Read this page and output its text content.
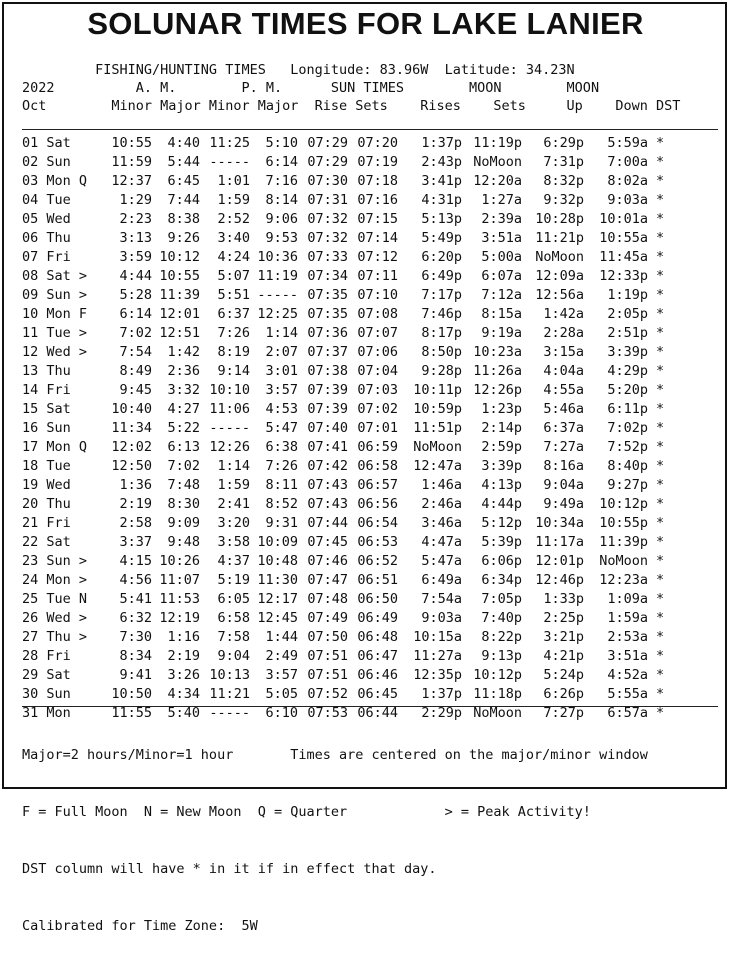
SOLUNAR TIMES FOR LAKE LANIER
FISHING/HUNTING TIMES   Longitude: 83.96W  Latitude: 34.23N
2022          A. M.        P. M.      SUN TIMES        MOON        MOON
Oct        Minor Major Minor Major  Rise Sets    Rises    Sets     Up    Down DST
01 Sat	10:55	4:40 11:25	5:10 07:29 07:20	1:37p 11:19p	6:29p	5:59a *
02 Sun	11:59	5:44 -----	6:14 07:29 07:19	2:43p NoMoon	7:31p	7:00a *
03 Mon Q	12:37	6:45	1:01	7:16 07:30 07:18	3:41p 12:20a	8:32p	8:02a *
04 Tue	1:29	7:44	1:59	8:14 07:31 07:16	4:31p	1:27a	9:32p	9:03a *
05 Wed	2:23	8:38	2:52	9:06 07:32 07:15	5:13p	2:39a 10:28p	10:01a *
06 Thu	3:13	9:26	3:40	9:53 07:32 07:14	5:49p	3:51a 11:21p	10:55a *
07 Fri	3:59 10:12	4:24 10:36 07:33 07:12	6:20p	5:00a NoMoon	11:45a *
08 Sat >	4:44 10:55	5:07 11:19 07:34 07:11	6:49p	6:07a 12:09a	12:33p *
09 Sun >	5:28 11:39	5:51 ----- 07:35 07:10	7:17p	7:12a 12:56a	1:19p *
10 Mon F	6:14 12:01	6:37 12:25 07:35 07:08	7:46p	8:15a	1:42a	2:05p *
11 Tue >	7:02 12:51	7:26	1:14 07:36 07:07	8:17p	9:19a	2:28a	2:51p *
12 Wed >	7:54	1:42	8:19	2:07 07:37 07:06	8:50p 10:23a	3:15a	3:39p *
13 Thu	8:49	2:36	9:14	3:01 07:38 07:04	9:28p 11:26a	4:04a	4:29p *
14 Fri	9:45	3:32 10:10	3:57 07:39 07:03	10:11p 12:26p	4:55a	5:20p *
15 Sat	10:40	4:27 11:06	4:53 07:39 07:02	10:59p	1:23p	5:46a	6:11p *
16 Sun	11:34	5:22 -----	5:47 07:40 07:01	11:51p	2:14p	6:37a	7:02p *
17 Mon Q	12:02	6:13 12:26	6:38 07:41 06:59	NoMoon	2:59p	7:27a	7:52p *
18 Tue	12:50	7:02	1:14	7:26 07:42 06:58	12:47a	3:39p	8:16a	8:40p *
19 Wed	1:36	7:48	1:59	8:11 07:43 06:57	1:46a	4:13p	9:04a	9:27p *
20 Thu	2:19	8:30	2:41	8:52 07:43 06:56	2:46a	4:44p	9:49a	10:12p *
21 Fri	2:58	9:09	3:20	9:31 07:44 06:54	3:46a	5:12p 10:34a	10:55p *
22 Sat	3:37	9:48	3:58 10:09 07:45 06:53	4:47a	5:39p 11:17a	11:39p *
23 Sun >	4:15 10:26	4:37 10:48 07:46 06:52	5:47a	6:06p 12:01p	NoMoon *
24 Mon >	4:56 11:07	5:19 11:30 07:47 06:51	6:49a	6:34p 12:46p	12:23a *
25 Tue N	5:41 11:53	6:05 12:17 07:48 06:50	7:54a	7:05p	1:33p	1:09a *
26 Wed >	6:32 12:19	6:58 12:45 07:49 06:49	9:03a	7:40p	2:25p	1:59a *
27 Thu >	7:30	1:16	7:58	1:44 07:50 06:48	10:15a	8:22p	3:21p	2:53a *
28 Fri	8:34	2:19	9:04	2:49 07:51 06:47	11:27a	9:13p	4:21p	3:51a *
29 Sat	9:41	3:26 10:13	3:57 07:51 06:46	12:35p 10:12p	5:24p	4:52a *
30 Sun	10:50	4:34 11:21	5:05 07:52 06:45	1:37p 11:18p	6:26p	5:55a *
31 Mon	11:55	5:40 -----	6:10 07:53 06:44	2:29p NoMoon	7:27p	6:57a *

Major=2 hours/Minor=1 hour       Times are centered on the major/minor window

F = Full Moon  N = New Moon  Q = Quarter            > = Peak Activity!

DST column will have * in it if in effect that day.

Calibrated for Time Zone:  5W
